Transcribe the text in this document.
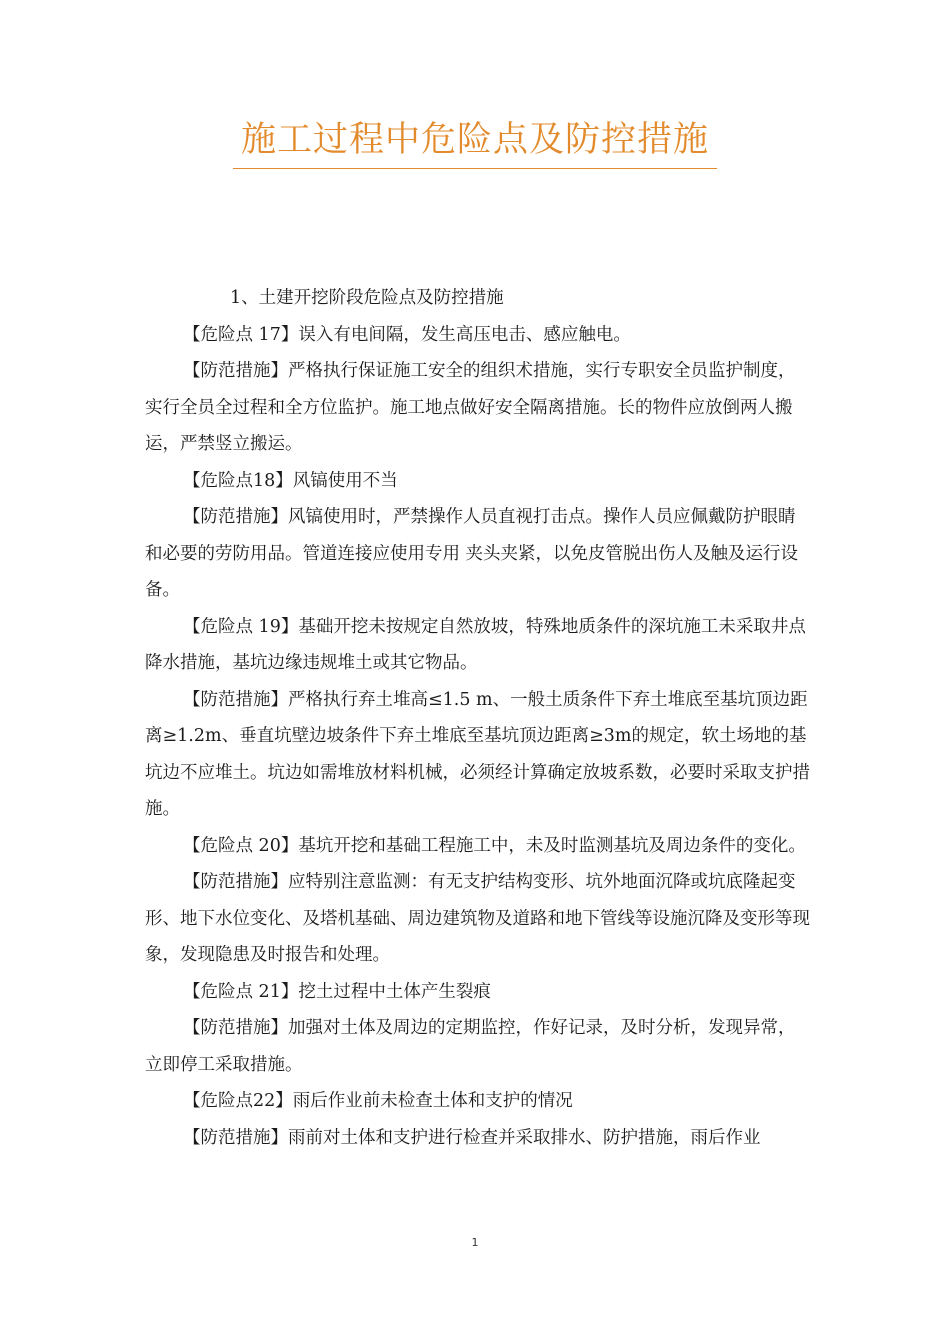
施工过程中危险点及防控措施

1、土建开挖阶段危险点及防控措施

【危险点 17】误入有电间隔，发生高压电击、感应触电。

【防范措施】严格执行保证施工安全的组织术措施，实行专职安全员监护制度，实行全员全过程和全方位监护。施工地点做好安全隔离措施。长的物件应放倒两人搬运，严禁竖立搬运。

【危险点18】风镐使用不当

【防范措施】风镐使用时，严禁操作人员直视打击点。操作人员应佩戴防护眼睛和必要的劳防用品。管道连接应使用专用 夹头夹紧，以免皮管脱出伤人及触及运行设备。

【危险点 19】基础开挖未按规定自然放坡，特殊地质条件的深坑施工未采取井点降水措施，基坑边缘违规堆土或其它物品。

【防范措施】严格执行弃土堆高≤1.5 m、一般土质条件下弃土堆底至基坑顶边距离≥1.2m、垂直坑壁边坡条件下弃土堆底至基坑顶边距离≥3m的规定，软土场地的基坑边不应堆土。坑边如需堆放材料机械，必须经计算确定放坡系数，必要时采取支护措施。

【危险点 20】基坑开挖和基础工程施工中，未及时监测基坑及周边条件的变化。

【防范措施】应特别注意监测：有无支护结构变形、坑外地面沉降或坑底隆起变形、地下水位变化、及塔机基础、周边建筑物及道路和地下管线等设施沉降及变形等现象，发现隐患及时报告和处理。

【危险点 21】挖土过程中土体产生裂痕

【防范措施】加强对土体及周边的定期监控，作好记录，及时分析，发现异常，立即停工采取措施。

【危险点22】雨后作业前未检查土体和支护的情况

【防范措施】雨前对土体和支护进行检查并采取排水、防护措施，雨后作业

1
